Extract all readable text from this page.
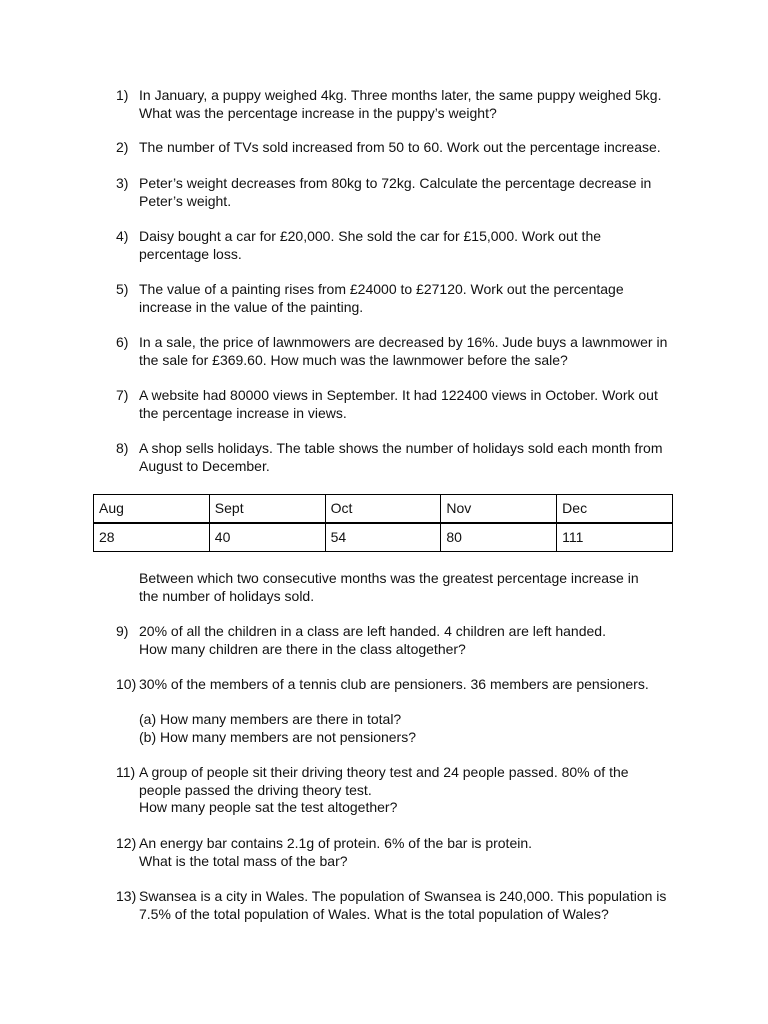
1) In January, a puppy weighed 4kg. Three months later, the same puppy weighed 5kg.
What was the percentage increase in the puppy’s weight?
2) The number of TVs sold increased from 50 to 60. Work out the percentage increase.
3) Peter’s weight decreases from 80kg to 72kg. Calculate the percentage decrease in
Peter’s weight.
4) Daisy bought a car for £20,000. She sold the car for £15,000. Work out the
percentage loss.
5) The value of a painting rises from £24000 to £27120. Work out the percentage
increase in the value of the painting.
6) In a sale, the price of lawnmowers are decreased by 16%. Jude buys a lawnmower in
the sale for £369.60. How much was the lawnmower before the sale?
7) A website had 80000 views in September. It had 122400 views in October. Work out
the percentage increase in views.
8) A shop sells holidays. The table shows the number of holidays sold each month from
August to December.
Aug	Sept	Oct	Nov	Dec
28	40	54	80	111
Between which two consecutive months was the greatest percentage increase in
the number of holidays sold.
9) 20% of all the children in a class are left handed. 4 children are left handed.
How many children are there in the class altogether?
10) 30% of the members of a tennis club are pensioners. 36 members are pensioners.
(a) How many members are there in total?
(b) How many members are not pensioners?
11) A group of people sit their driving theory test and 24 people passed. 80% of the
people passed the driving theory test.
How many people sat the test altogether?
12) An energy bar contains 2.1g of protein. 6% of the bar is protein.
What is the total mass of the bar?
13) Swansea is a city in Wales. The population of Swansea is 240,000. This population is
7.5% of the total population of Wales. What is the total population of Wales?
